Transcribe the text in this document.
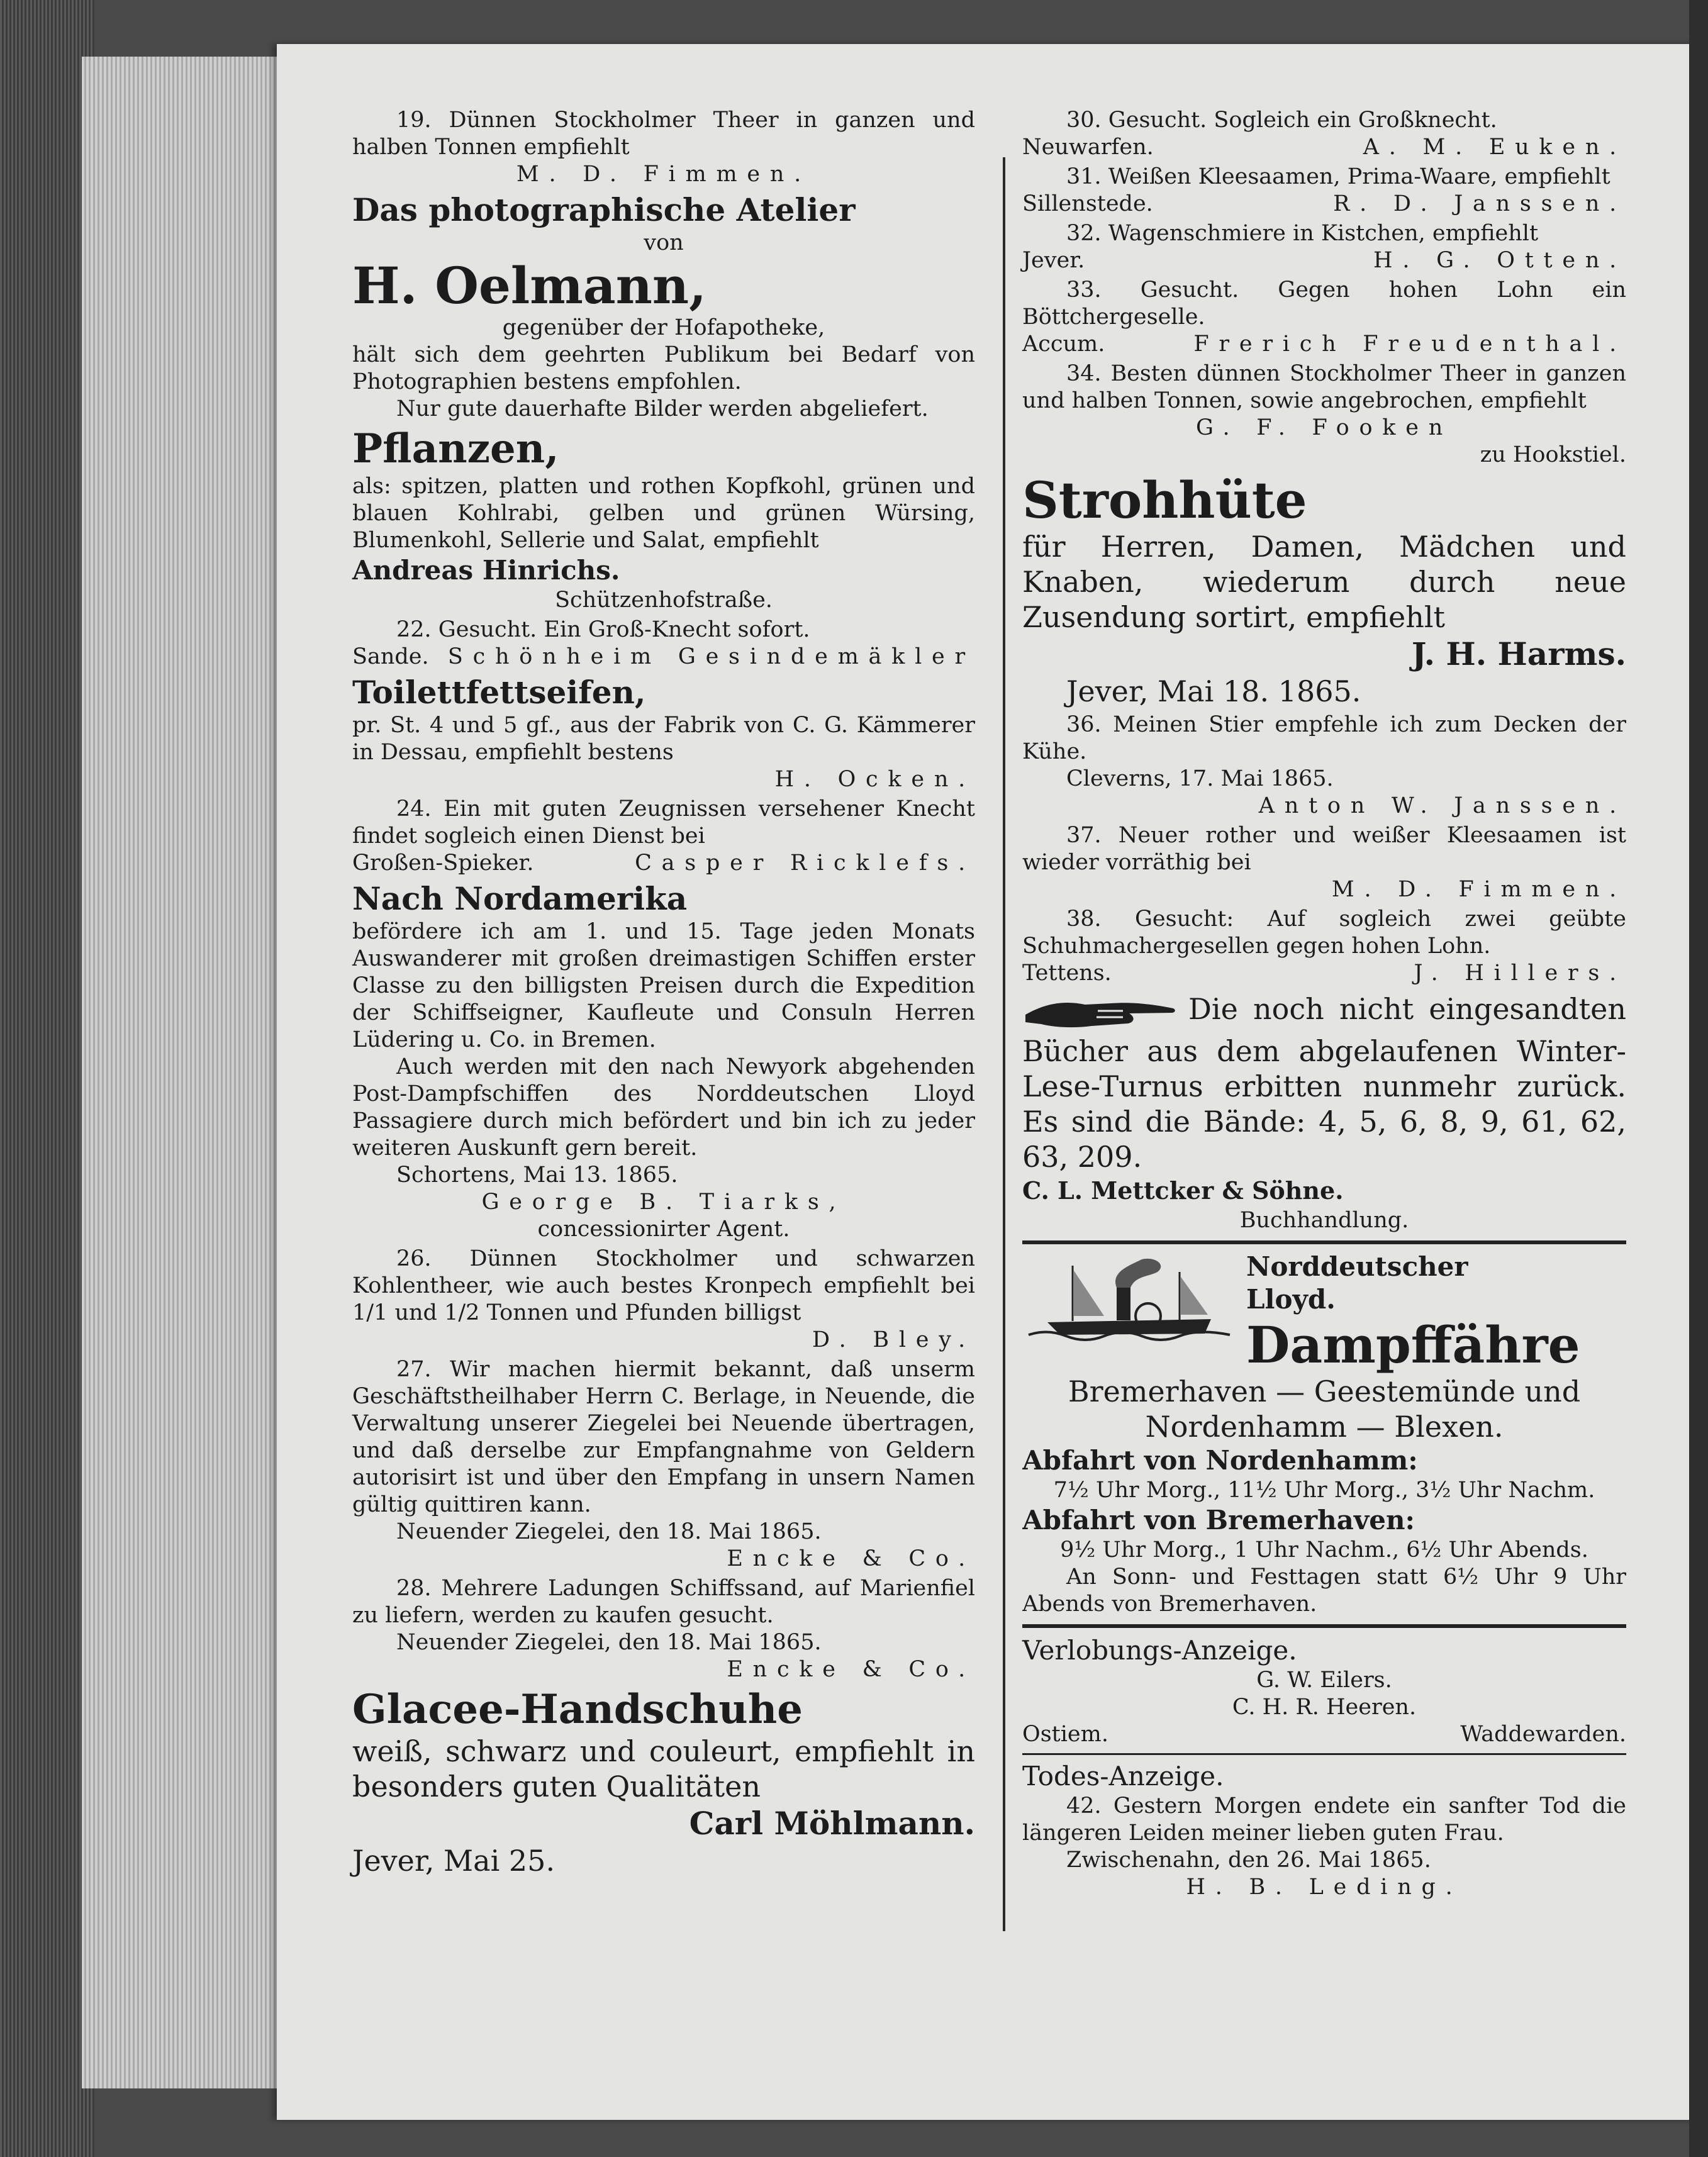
19. Dünnen Stockholmer Theer in ganzen und halben Tonnen empfiehlt

M. D. Fimmen.

Das photographische Atelier

von

H. Oelmann,

gegenüber der Hofapotheke,

hält sich dem geehrten Publikum bei Bedarf von Photographien bestens empfohlen.

Nur gute dauerhafte Bilder werden abgeliefert.

Pflanzen,

als: spitzen, platten und rothen Kopfkohl, grünen und blauen Kohlrabi, gelben und grünen Würsing, Blumenkohl, Sellerie und Salat, empfiehlt

Andreas Hinrichs.

Schützenhofstraße.

22. Gesucht. Ein Groß-Knecht sofort.

Sande. Schönheim Gesindemäkler

Toilettfettseifen,

pr. St. 4 und 5 gf., aus der Fabrik von C. G. Kämmerer in Dessau, empfiehlt bestens

H. Ocken.

24. Ein mit guten Zeugnissen versehener Knecht findet sogleich einen Dienst bei

Großen-Spieker.	Casper Ricklefs.

Nach Nordamerika

befördere ich am 1. und 15. Tage jeden Monats Auswanderer mit großen dreimastigen Schiffen erster Classe zu den billigsten Preisen durch die Expedition der Schiffseigner, Kaufleute und Consuln Herren Lüdering u. Co. in Bremen.

Auch werden mit den nach Newyork abgehenden Post-Dampfschiffen des Norddeutschen Lloyd Passagiere durch mich befördert und bin ich zu jeder weiteren Auskunft gern bereit.

Schortens, Mai 13. 1865.

George B. Tiarks,

concessionirter Agent.

26. Dünnen Stockholmer und schwarzen Kohlentheer, wie auch bestes Kronpech empfiehlt bei 1/1 und 1/2 Tonnen und Pfunden billigst

D. Bley.

27. Wir machen hiermit bekannt, daß unserm Geschäftstheilhaber Herrn C. Berlage, in Neuende, die Verwaltung unserer Ziegelei bei Neuende übertragen, und daß derselbe zur Empfangnahme von Geldern autorisirt ist und über den Empfang in unsern Namen gültig quittiren kann.

Neuender Ziegelei, den 18. Mai 1865.

Encke & Co.

28. Mehrere Ladungen Schiffssand, auf Marienfiel zu liefern, werden zu kaufen gesucht.

Neuender Ziegelei, den 18. Mai 1865.

Encke & Co.

Glacee-Handschuhe

weiß, schwarz und couleurt, empfiehlt in besonders guten Qualitäten

Carl Möhlmann.

Jever, Mai 25.

30. Gesucht. Sogleich ein Großknecht.

Neuwarfen.	A. M. Euken.

31. Weißen Kleesaamen, Prima-Waare, empfiehlt

Sillenstede.	R. D. Janssen.

32. Wagenschmiere in Kistchen, empfiehlt

Jever.	H. G. Otten.

33. Gesucht. Gegen hohen Lohn ein Böttchergeselle.

Accum.	Frerich Freudenthal.

34. Besten dünnen Stockholmer Theer in ganzen und halben Tonnen, sowie angebrochen, empfiehlt

G. F. Fooken

zu Hookstiel.

Strohhüte

für Herren, Damen, Mädchen und Knaben, wiederum durch neue Zusendung sortirt, empfiehlt

J. H. Harms.

Jever, Mai 18. 1865.

36. Meinen Stier empfehle ich zum Decken der Kühe.

Cleverns, 17. Mai 1865.

Anton W. Janssen.

37. Neuer rother und weißer Kleesaamen ist wieder vorräthig bei

M. D. Fimmen.

38. Gesucht: Auf sogleich zwei geübte Schuhmachergesellen gegen hohen Lohn.

Tettens.	J. Hillers.

Die noch nicht eingesandten Bücher aus dem abgelaufenen Winter-Lese-Turnus erbitten nunmehr zurück. Es sind die Bände: 4, 5, 6, 8, 9, 61, 62, 63, 209.

C. L. Mettcker & Söhne.

Buchhandlung.

Norddeutscher

Lloyd.

Dampffähre

Bremerhaven — Geestemünde und

Nordenhamm — Blexen.

Abfahrt von Nordenhamm:

7½ Uhr Morg., 11½ Uhr Morg., 3½ Uhr Nachm.

Abfahrt von Bremerhaven:

9½ Uhr Morg., 1 Uhr Nachm., 6½ Uhr Abends.

An Sonn- und Festtagen statt 6½ Uhr 9 Uhr Abends von Bremerhaven.

Verlobungs-Anzeige.

G. W. Eilers.

C. H. R. Heeren.

Ostiem.	Waddewarden.

Todes-Anzeige.

42. Gestern Morgen endete ein sanfter Tod die längeren Leiden meiner lieben guten Frau.

Zwischenahn, den 26. Mai 1865.

H. B. Leding.
